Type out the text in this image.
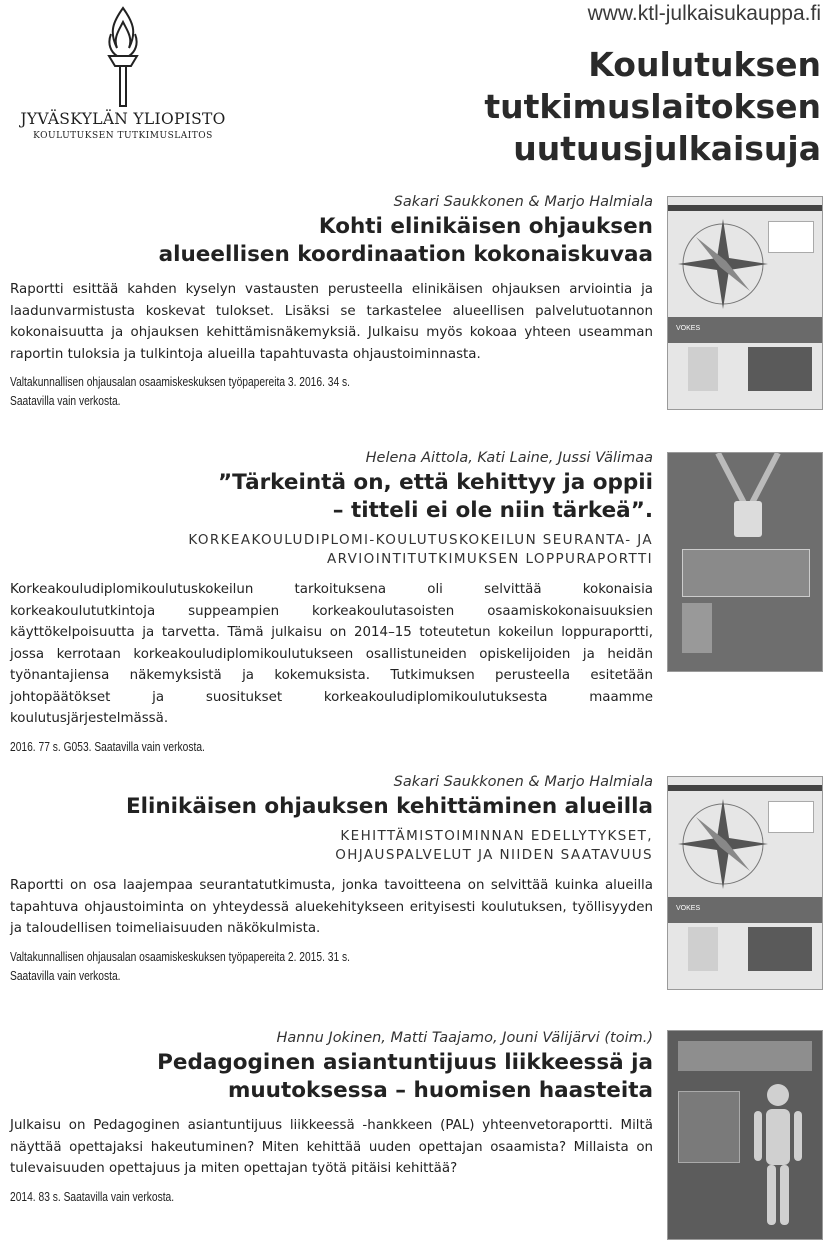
JYVÄSKYLÄN YLIOPISTO
KOULUTUKSEN TUTKIMUSLAITOS
www.ktl-julkaisukauppa.fi
Koulutuksen tutkimuslaitoksen
uutuusjulkaisuja
Sakari Saukkonen & Marjo Halmiala
Kohti elinikäisen ohjauksen
alueellisen koordinaation kokonaiskuvaa
Raportti esittää kahden kyselyn vastausten perusteella elinikäisen ohjauksen arviointia ja laadunvarmistusta koskevat tulokset. Lisäksi se tarkastelee alueellisen palvelutuotannon kokonaisuutta ja ohjauksen kehittämisnäkemyksiä. Julkaisu myös kokoaa yhteen useamman raportin tuloksia ja tulkintoja alueilla tapahtuvasta ohjaustoiminnasta.
Valtakunnallisen ohjausalan osaamiskeskuksen työpapereita 3. 2016. 34 s.
Saatavilla vain verkosta.
VOKES
Helena Aittola, Kati Laine, Jussi Välimaa
”Tärkeintä on, että kehittyy ja oppii
– titteli ei ole niin tärkeä”.
KORKEAKOULUDIPLOMI-KOULUTUSKOKEILUN SEURANTA- JA
ARVIOINTITUTKIMUKSEN LOPPURAPORTTI
Korkeakouludiplomikoulutuskokeilun tarkoituksena oli selvittää kokonaisia korkeakoulututkintoja suppeampien korkeakoulutasoisten osaamiskokonaisuuksien käyttökelpoisuutta ja tarvetta. Tämä julkaisu on 2014–15 toteutetun kokeilun loppuraportti, jossa kerrotaan korkeakouludiplomikoulutukseen osallistuneiden opiskelijoiden ja heidän työnantajiensa näkemyksistä ja kokemuksista. Tutkimuksen perusteella esitetään johtopäätökset ja suositukset korkeakouludiplomikoulutuksesta maamme koulutusjärjestelmässä.
2016. 77 s. G053. Saatavilla vain verkosta.
Sakari Saukkonen & Marjo Halmiala
Elinikäisen ohjauksen kehittäminen alueilla
KEHITTÄMISTOIMINNAN EDELLYTYKSET,
OHJAUSPALVELUT JA NIIDEN SAATAVUUS
Raportti on osa laajempaa seurantatutkimusta, jonka tavoitteena on selvittää kuinka alueilla tapahtuva ohjaustoiminta on yhteydessä aluekehitykseen erityisesti koulutuksen, työllisyyden ja taloudellisen toimeliaisuuden näkökulmista.
Valtakunnallisen ohjausalan osaamiskeskuksen työpapereita 2. 2015. 31 s.
Saatavilla vain verkosta.
VOKES
Hannu Jokinen, Matti Taajamo, Jouni Välijärvi (toim.)
Pedagoginen asiantuntijuus liikkeessä ja
muutoksessa – huomisen haasteita
Julkaisu on Pedagoginen asiantuntijuus liikkeessä -hankkeen (PAL) yhteenvetoraportti. Miltä näyttää opettajaksi hakeutuminen? Miten kehittää uuden opettajan osaamista? Millaista on tulevaisuuden opettajuus ja miten opettajan työtä pitäisi kehittää?
2014. 83 s. Saatavilla vain verkosta.
